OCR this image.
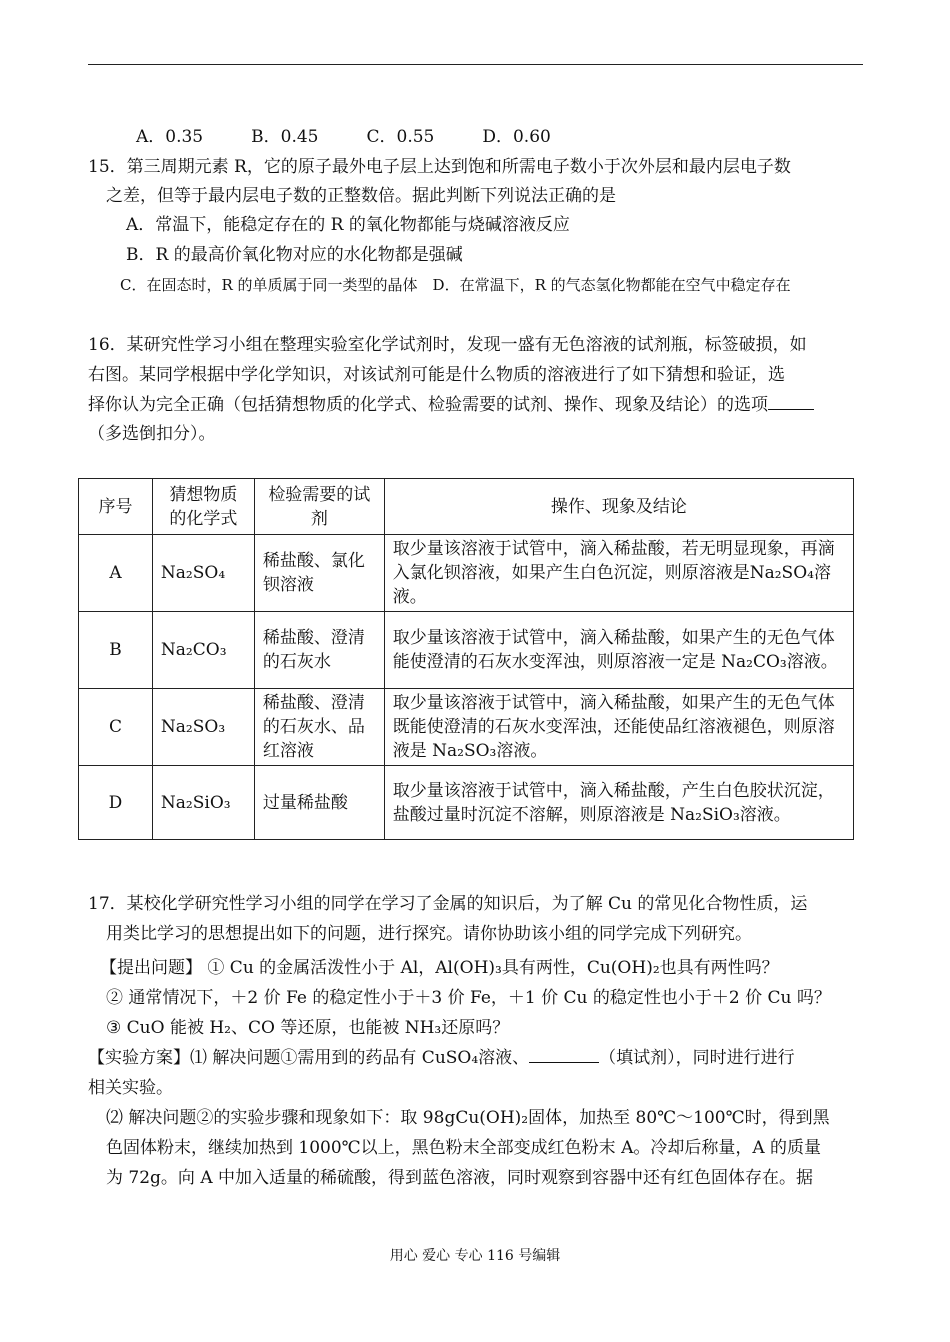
A．0.35	B．0.45	C．0.55	D．0.60
15．第三周期元素 R，它的原子最外电子层上达到饱和所需电子数小于次外层和最内层电子数
之差，但等于最内层电子数的正整数倍。据此判断下列说法正确的是
A．常温下，能稳定存在的 R 的氧化物都能与烧碱溶液反应
B．R 的最高价氧化物对应的水化物都是强碱
C．在固态时，R 的单质属于同一类型的晶体　D．在常温下，R 的气态氢化物都能在空气中稳定存在
16．某研究性学习小组在整理实验室化学试剂时，发现一盛有无色溶液的试剂瓶，标签破损，如
右图。某同学根据中学化学知识，对该试剂可能是什么物质的溶液进行了如下猜想和验证，选
择你认为完全正确（包括猜想物质的化学式、检验需要的试剂、操作、现象及结论）的选项
（多选倒扣分）。
序号	猜想物质的化学式	检验需要的试剂	操作、现象及结论
A	Na₂SO₄	稀盐酸、氯化钡溶液	取少量该溶液于试管中，滴入稀盐酸，若无明显现象，再滴入氯化钡溶液，如果产生白色沉淀，则原溶液是Na₂SO₄溶液。
B	Na₂CO₃	稀盐酸、澄清的石灰水	取少量该溶液于试管中，滴入稀盐酸，如果产生的无色气体能使澄清的石灰水变浑浊，则原溶液一定是 Na₂CO₃溶液。
C	Na₂SO₃	稀盐酸、澄清的石灰水、品红溶液	取少量该溶液于试管中，滴入稀盐酸，如果产生的无色气体既能使澄清的石灰水变浑浊，还能使品红溶液褪色，则原溶液是 Na₂SO₃溶液。
D	Na₂SiO₃	过量稀盐酸	取少量该溶液于试管中，滴入稀盐酸，产生白色胶状沉淀，盐酸过量时沉淀不溶解，则原溶液是 Na₂SiO₃溶液。
17．某校化学研究性学习小组的同学在学习了金属的知识后，为了解 Cu 的常见化合物性质，运
用类比学习的思想提出如下的问题，进行探究。请你协助该小组的同学完成下列研究。
【提出问题】 ① Cu 的金属活泼性小于 Al，Al(OH)₃具有两性，Cu(OH)₂也具有两性吗？
② 通常情况下，＋2 价 Fe 的稳定性小于＋3 价 Fe，＋1 价 Cu 的稳定性也小于＋2 价 Cu 吗？
③ CuO 能被 H₂、CO 等还原，也能被 NH₃还原吗？
【实验方案】⑴ 解决问题①需用到的药品有 CuSO₄溶液、	（填试剂），同时进行进行
相关实验。
⑵ 解决问题②的实验步骤和现象如下：取 98gCu(OH)₂固体，加热至 80℃～100℃时，得到黑
色固体粉末，继续加热到 1000℃以上，黑色粉末全部变成红色粉末 A。冷却后称量，A 的质量
为 72g。向 A 中加入适量的稀硫酸，得到蓝色溶液，同时观察到容器中还有红色固体存在。据
用心 爱心 专心 116 号编辑
